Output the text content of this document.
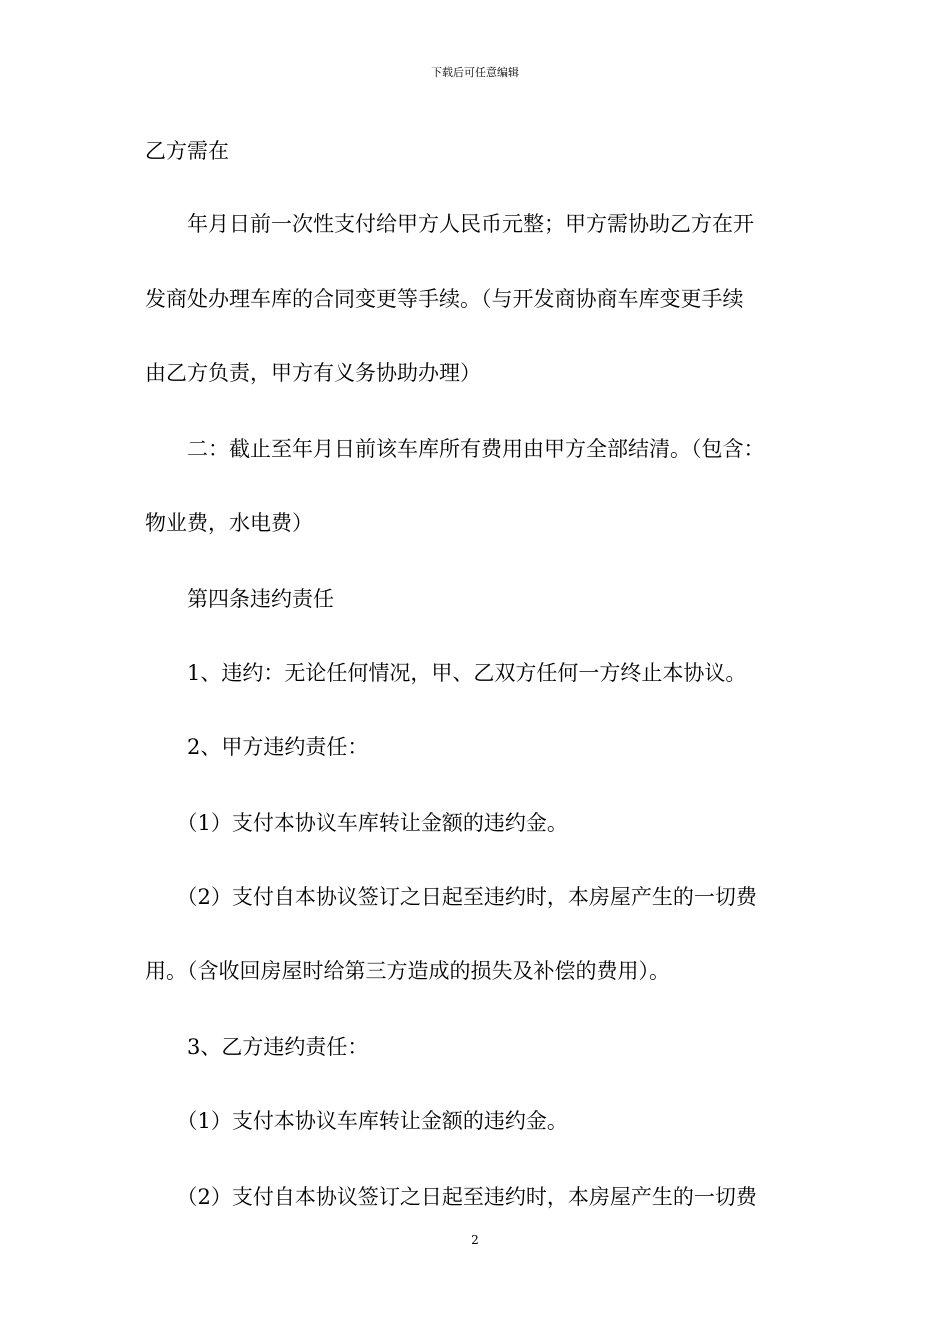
下载后可任意编辑
乙方需在
　　年月日前一次性支付给甲方人民币元整；甲方需协助乙方在开
发商处办理车库的合同变更等手续。（与开发商协商车库变更手续
由乙方负责，甲方有义务协助办理）
　　二：截止至年月日前该车库所有费用由甲方全部结清。（包含：
物业费，水电费）
　　第四条违约责任
　　1、违约：无论任何情况，甲、乙双方任何一方终止本协议。
　　2、甲方违约责任：
　　（1）支付本协议车库转让金额的违约金。
　　（2）支付自本协议签订之日起至违约时，本房屋产生的一切费
用。（含收回房屋时给第三方造成的损失及补偿的费用）。
　　3、乙方违约责任：
　　（1）支付本协议车库转让金额的违约金。
　　（2）支付自本协议签订之日起至违约时，本房屋产生的一切费
2
